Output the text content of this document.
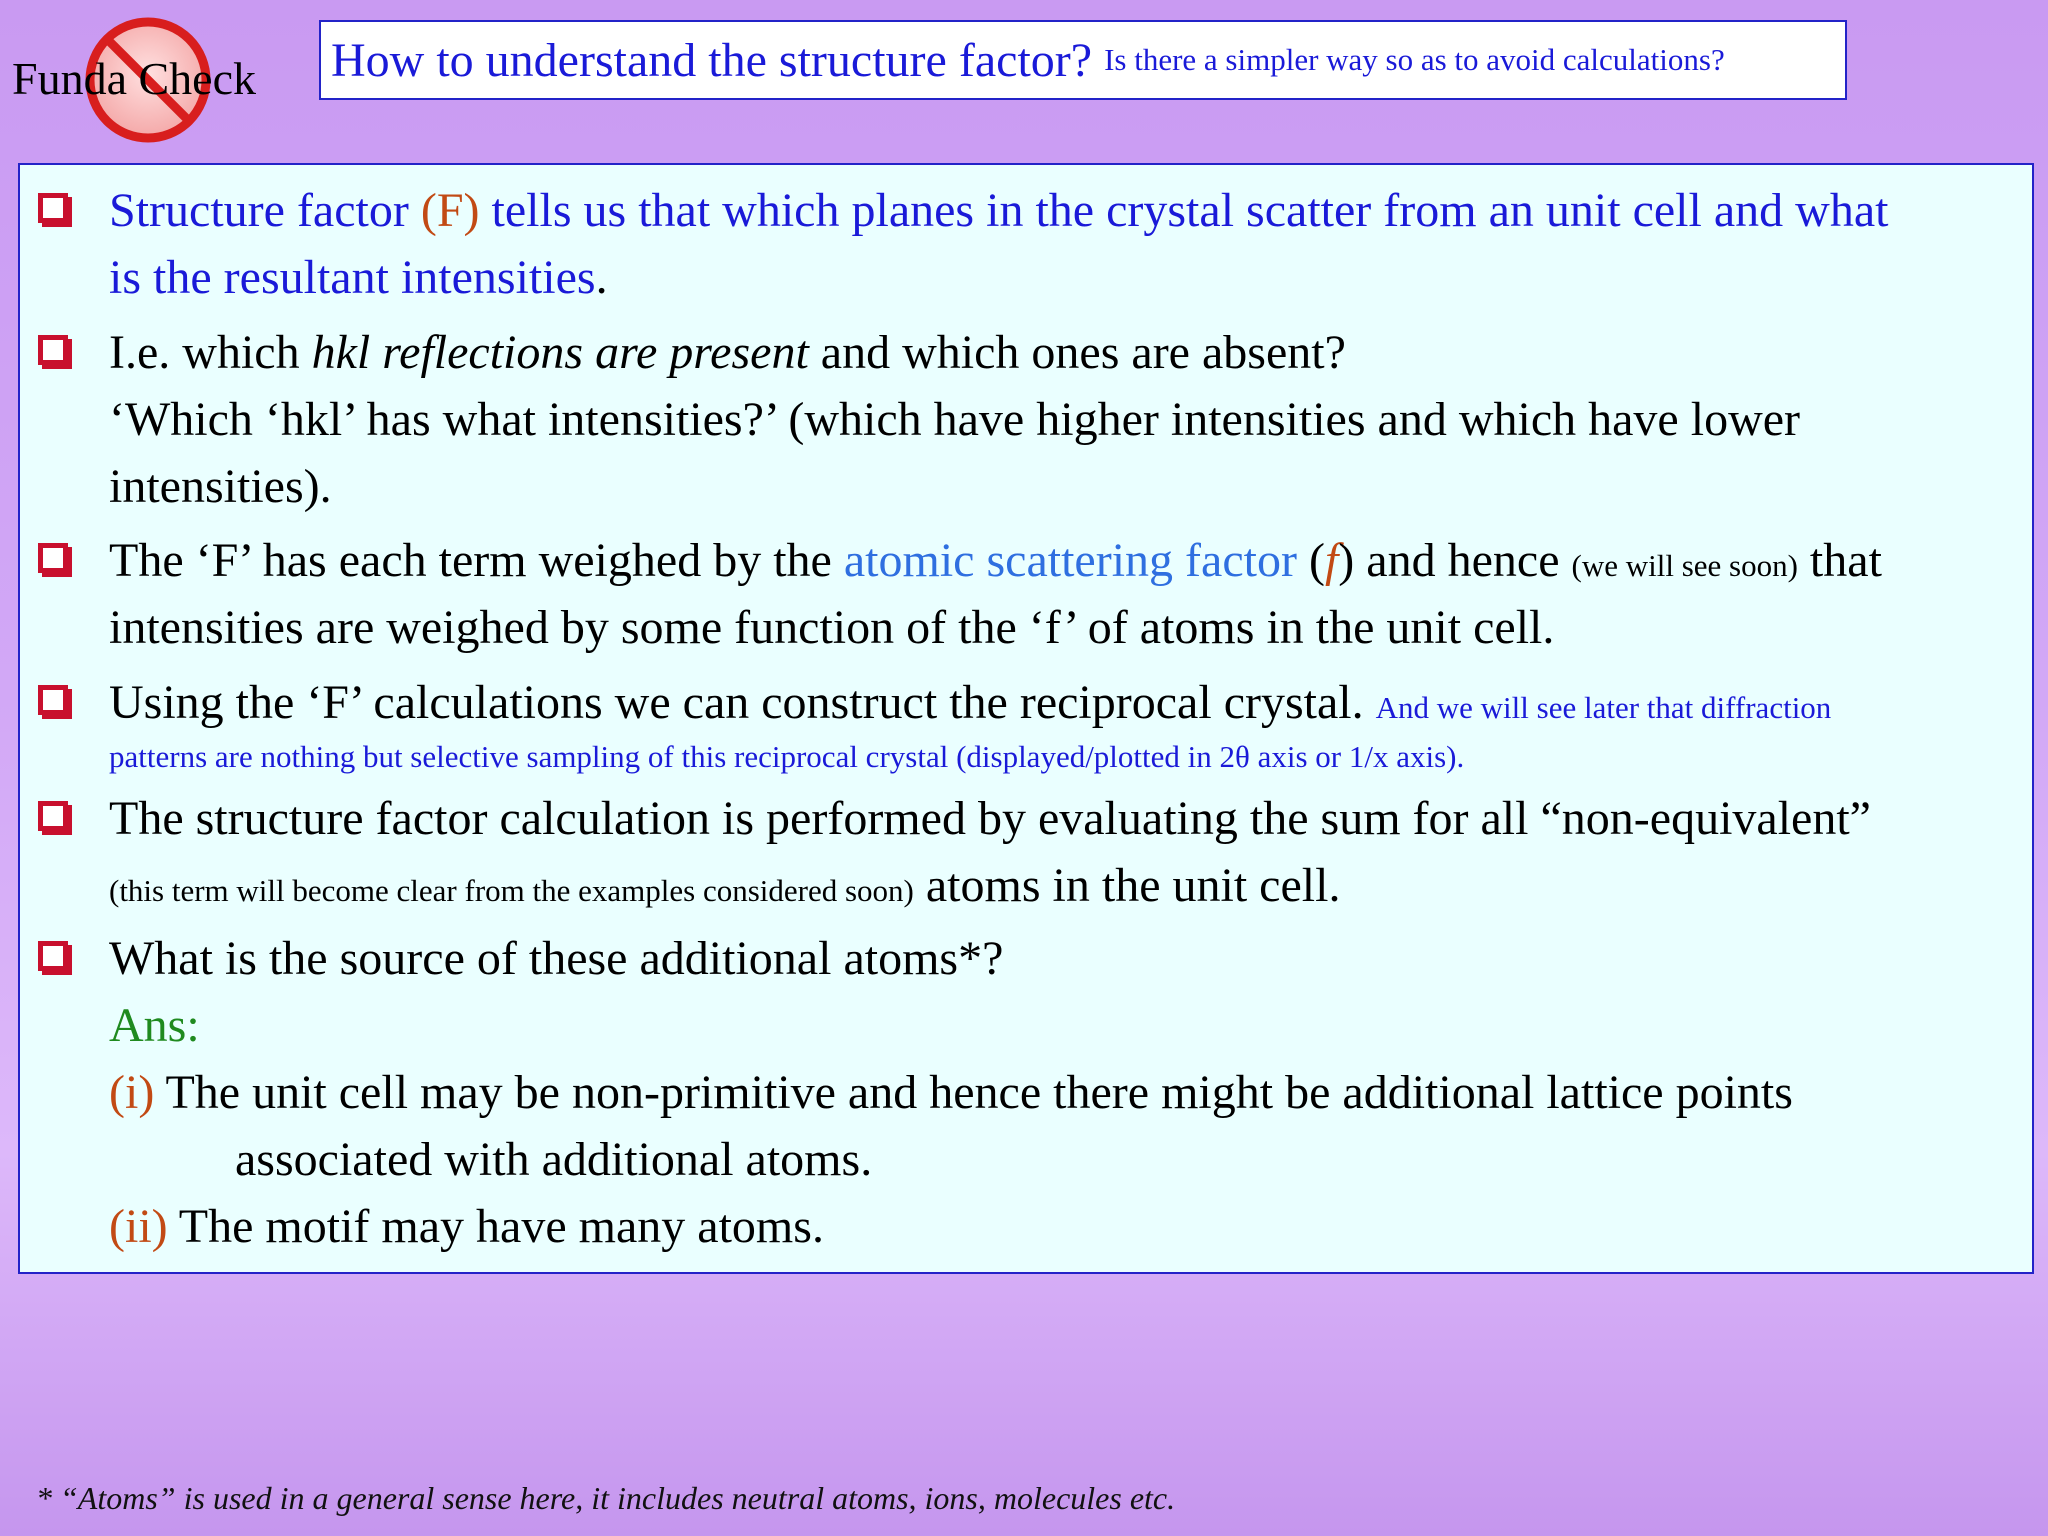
Funda Check How to understand the structure factor? Is there a simpler way so as to avoid calculations?
Structure factor (F) tells us that which planes in the crystal scatter from an unit cell and what
is the resultant intensities.
I.e. which hkl reflections are present and which ones are absent?
‘Which ‘hkl’ has what intensities?’ (which have higher intensities and which have lower
intensities).
The ‘F’ has each term weighed by the atomic scattering factor (f) and hence (we will see soon) that
intensities are weighed by some function of the ‘f’ of atoms in the unit cell.
Using the ‘F’ calculations we can construct the reciprocal crystal. And we will see later that diffraction
patterns are nothing but selective sampling of this reciprocal crystal (displayed/plotted in 2θ axis or 1/x axis).
The structure factor calculation is performed by evaluating the sum for all “non-equivalent”
(this term will become clear from the examples considered soon) atoms in the unit cell.
What is the source of these additional atoms*?
Ans:
(i) The unit cell may be non-primitive and hence there might be additional lattice points
associated with additional atoms.
(ii) The motif may have many atoms.
* “Atoms” is used in a general sense here, it includes neutral atoms, ions, molecules etc.
